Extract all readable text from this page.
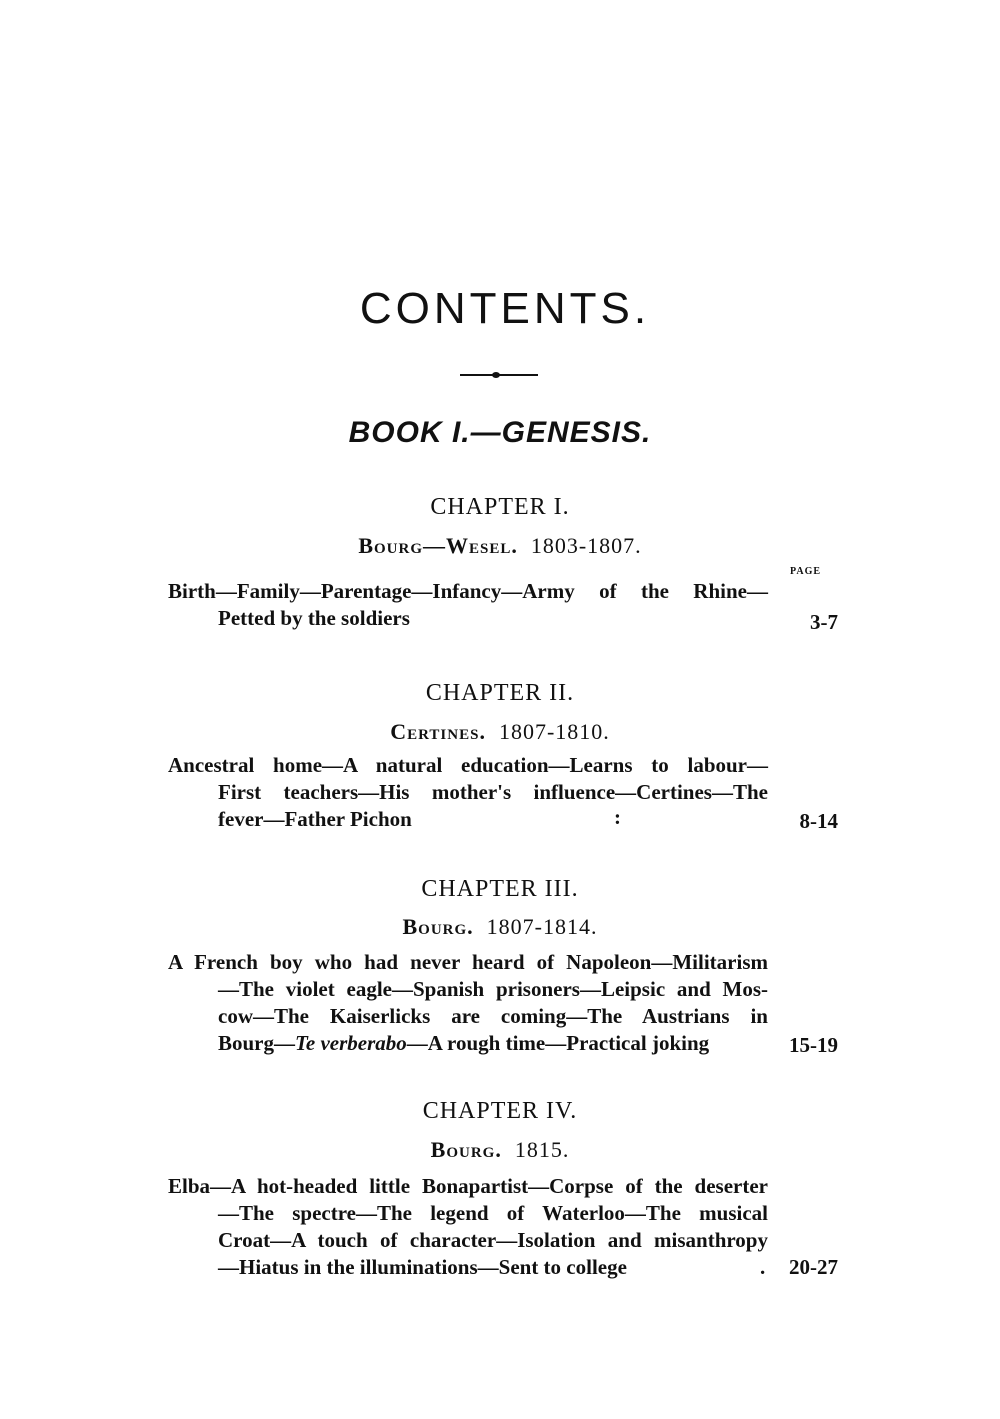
CONTENTS.
BOOK I.—GENESIS.
CHAPTER I.
Bourg—Wesel. 1803-1807.
PAGE
Birth—Family—Parentage—Infancy—Army of the Rhine—
Petted by the soldiers	3-7
CHAPTER II.
Certines. 1807-1810.
Ancestral home—A natural education—Learns to labour—
First teachers—His mother's influence—Certines—The
fever—Father Pichon	8-14
:
CHAPTER III.
Bourg. 1807-1814.
A French boy who had never heard of Napoleon—Militarism
—The violet eagle—Spanish prisoners—Leipsic and Mos-
cow—The Kaiserlicks are coming—The Austrians in
Bourg—Te verberabo—A rough time—Practical joking	15-19
CHAPTER IV.
Bourg. 1815.
Elba—A hot-headed little Bonapartist—Corpse of the deserter
—The spectre—The legend of Waterloo—The musical
Croat—A touch of character—Isolation and misanthropy
—Hiatus in the illuminations—Sent to college	20-27
.
